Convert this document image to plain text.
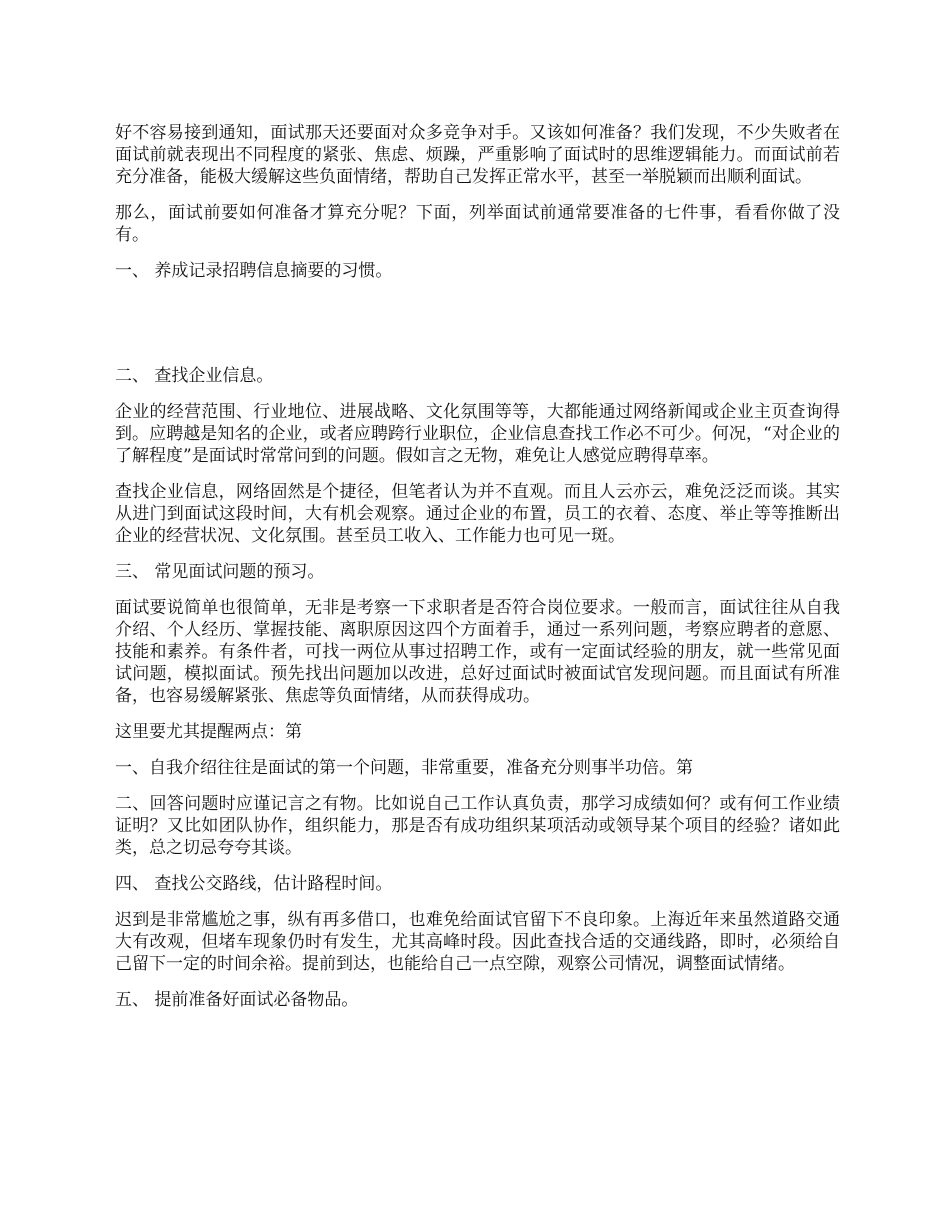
好不容易接到通知，面试那天还要面对众多竞争对手。又该如何准备？我们发现，不少失败者在面试前就表现出不同程度的紧张、焦虑、烦躁，严重影响了面试时的思维逻辑能力。而面试前若充分准备，能极大缓解这些负面情绪，帮助自己发挥正常水平，甚至一举脱颖而出顺利面试。

那么，面试前要如何准备才算充分呢？下面，列举面试前通常要准备的七件事，看看你做了没有。

一、 养成记录招聘信息摘要的习惯。

二、 查找企业信息。

企业的经营范围、行业地位、进展战略、文化氛围等等，大都能通过网络新闻或企业主页查询得到。应聘越是知名的企业，或者应聘跨行业职位，企业信息查找工作必不可少。何况，“对企业的了解程度”是面试时常常问到的问题。假如言之无物，难免让人感觉应聘得草率。

查找企业信息，网络固然是个捷径，但笔者认为并不直观。而且人云亦云，难免泛泛而谈。其实从进门到面试这段时间，大有机会观察。通过企业的布置，员工的衣着、态度、举止等等推断出企业的经营状况、文化氛围。甚至员工收入、工作能力也可见一斑。

三、 常见面试问题的预习。

面试要说简单也很简单，无非是考察一下求职者是否符合岗位要求。一般而言，面试往往从自我介绍、个人经历、掌握技能、离职原因这四个方面着手，通过一系列问题，考察应聘者的意愿、技能和素养。有条件者，可找一两位从事过招聘工作，或有一定面试经验的朋友，就一些常见面试问题，模拟面试。预先找出问题加以改进，总好过面试时被面试官发现问题。而且面试有所准备，也容易缓解紧张、焦虑等负面情绪，从而获得成功。

这里要尤其提醒两点：第

一、自我介绍往往是面试的第一个问题，非常重要，准备充分则事半功倍。第

二、回答问题时应谨记言之有物。比如说自己工作认真负责，那学习成绩如何？或有何工作业绩证明？又比如团队协作，组织能力，那是否有成功组织某项活动或领导某个项目的经验？诸如此类，总之切忌夸夸其谈。

四、 查找公交路线，估计路程时间。

迟到是非常尴尬之事，纵有再多借口，也难免给面试官留下不良印象。上海近年来虽然道路交通大有改观，但堵车现象仍时有发生，尤其高峰时段。因此查找合适的交通线路，即时，必须给自己留下一定的时间余裕。提前到达，也能给自己一点空隙，观察公司情况，调整面试情绪。

五、 提前准备好面试必备物品。
